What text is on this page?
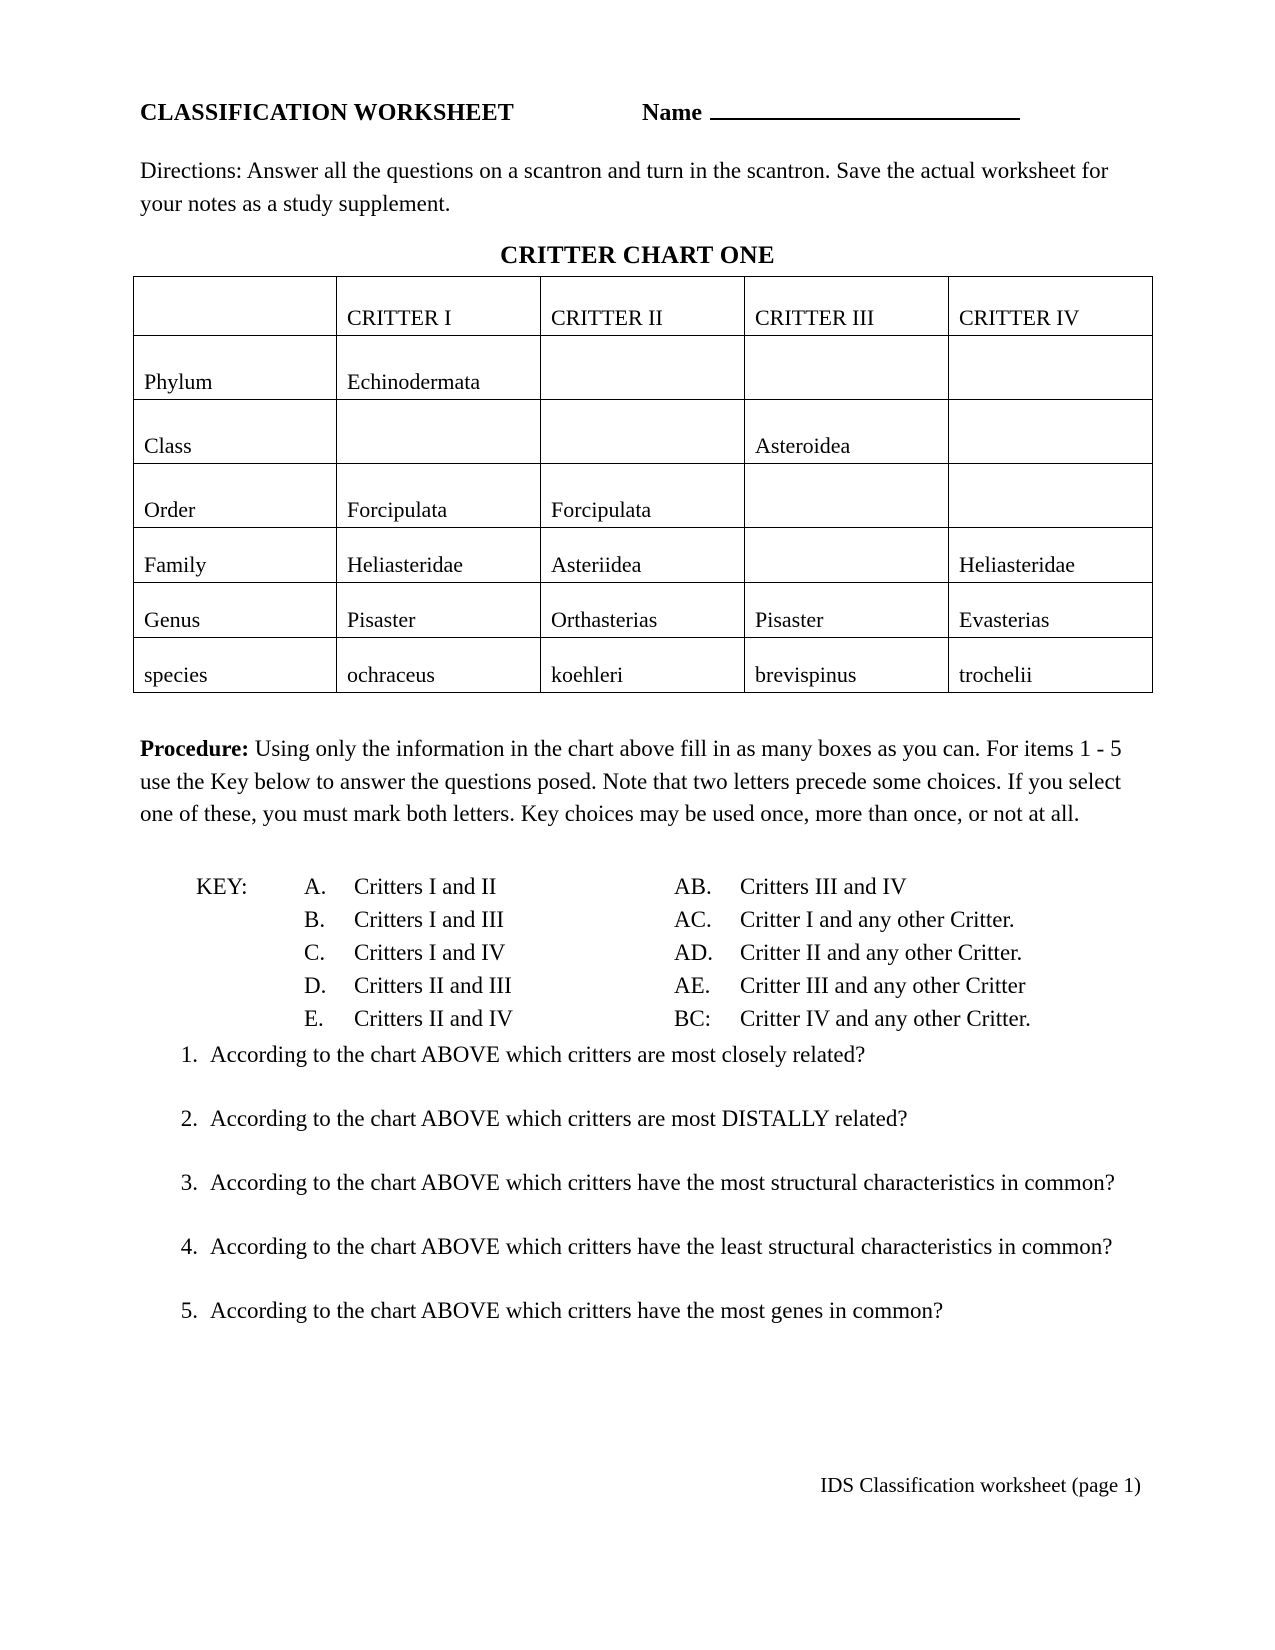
CLASSIFICATION WORKSHEET	Name
Directions: Answer all the questions on a scantron and turn in the scantron. Save the actual worksheet for your notes as a study supplement.
CRITTER CHART ONE
	CRITTER I	CRITTER II	CRITTER III	CRITTER IV
Phylum	Echinodermata			
Class			Asteroidea	
Order	Forcipulata	Forcipulata		
Family	Heliasteridae	Asteriidea		Heliasteridae
Genus	Pisaster	Orthasterias	Pisaster	Evasterias
species	ochraceus	koehleri	brevispinus	trochelii
Procedure: Using only the information in the chart above fill in as many boxes as you can. For items 1 - 5 use the Key below to answer the questions posed. Note that two letters precede some choices. If you select one of these, you must mark both letters. Key choices may be used once, more than once, or not at all.
KEY:	A.	Critters I and II	AB.	Critters III and IV
	B.	Critters I and III	AC.	Critter I and any other Critter.
	C.	Critters I and IV	AD.	Critter II and any other Critter.
	D.	Critters II and III	AE.	Critter III and any other Critter
	E.	Critters II and IV	BC:	Critter IV and any other Critter.
1. According to the chart ABOVE which critters are most closely related?
2. According to the chart ABOVE which critters are most DISTALLY related?
3. According to the chart ABOVE which critters have the most structural characteristics in common?
4. According to the chart ABOVE which critters have the least structural characteristics in common?
5. According to the chart ABOVE which critters have the most genes in common?
IDS Classification worksheet (page 1)
